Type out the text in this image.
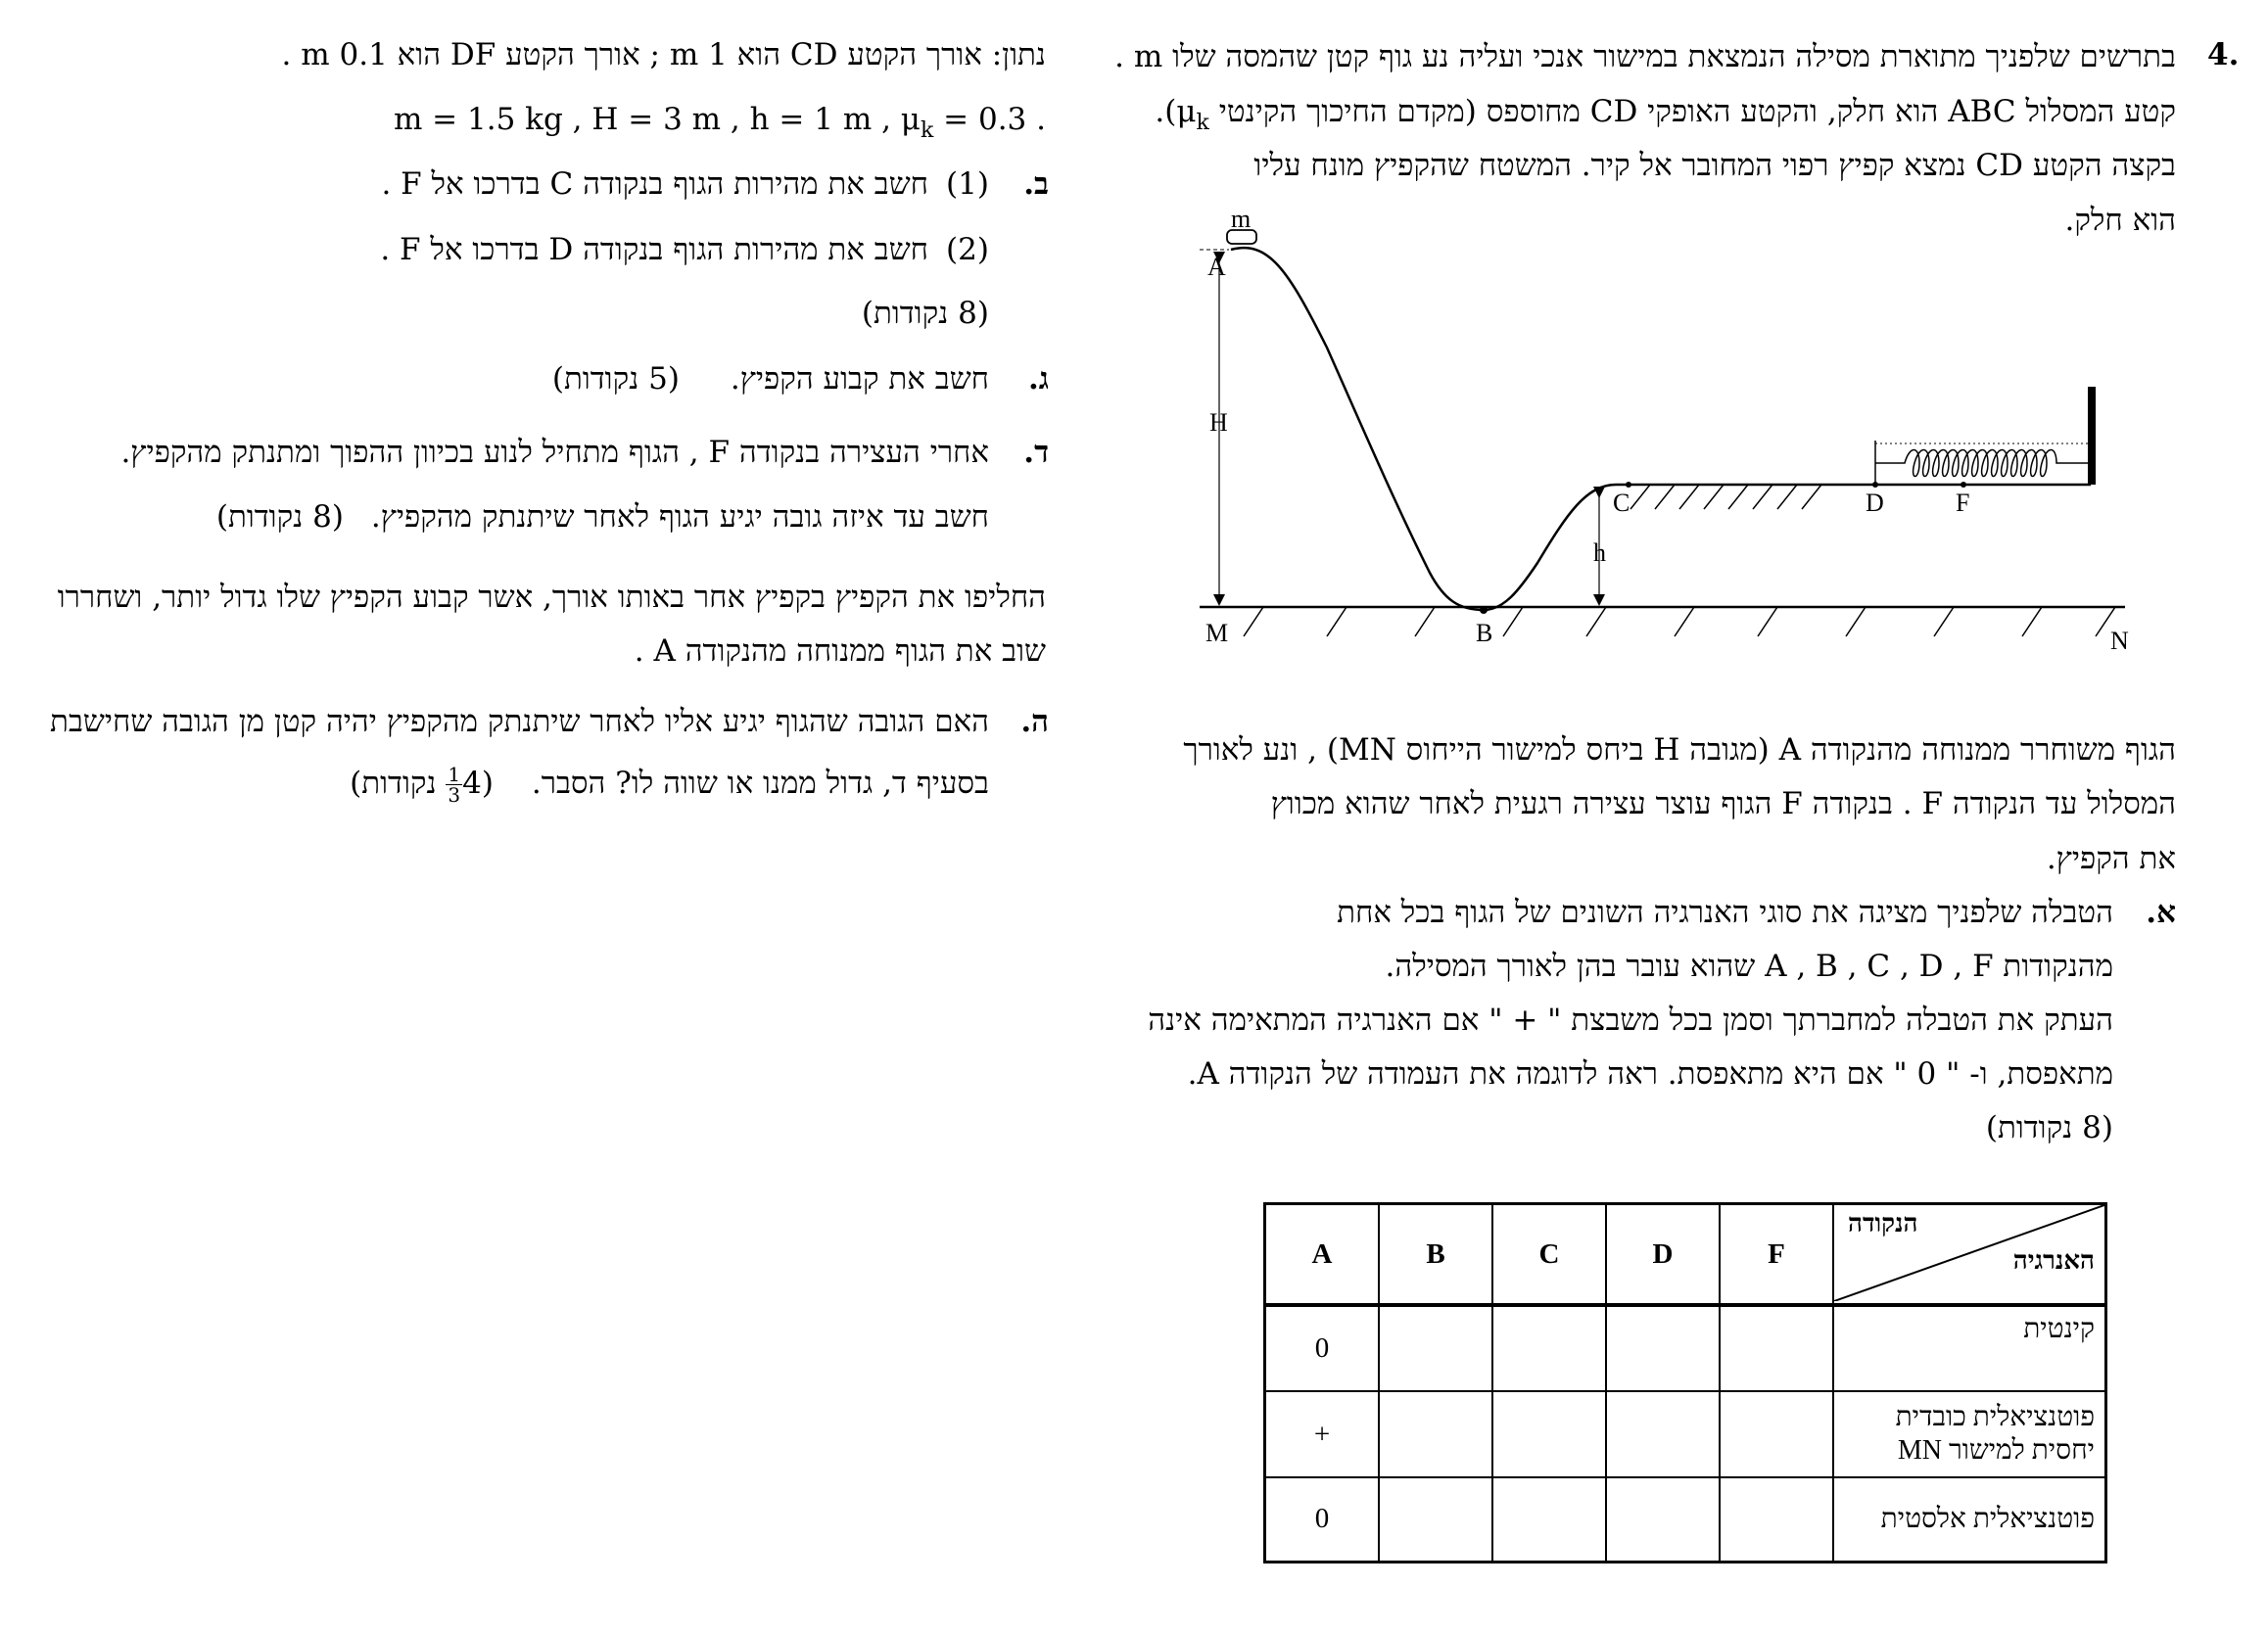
4.
בתרשים שלפניך מתוארת מסילה הנמצאת במישור אנכי ועליה נע גוף קטן שהמסה שלו m .
קטע המסלול ABC הוא חלק, והקטע האופקי CD מחוספס (מקדם החיכוך הקינטי $\mu_k$).
בקצה הקטע CD נמצא קפיץ רפוי המחובר אל קיר. המשטח שהקפיץ מונח עליו
הוא חלק.
m
A
H
B
C
h
D	F
M	N
הגוף משוחרר ממנוחה מהנקודה A (מגובה H ביחס למישור הייחוס MN) , ונע לאורך
המסלול עד הנקודה F . בנקודה F הגוף עוצר עצירה רגעית לאחר שהוא מכווץ
את הקפיץ.
א.
הטבלה שלפניך מציגה את סוגי האנרגיה השונים של הגוף בכל אחת
מהנקודות A , B , C , D , F שהוא עובר בהן לאורך המסילה.
העתק את הטבלה למחברתך וסמן בכל משבצת " + " אם האנרגיה המתאימה אינה
מתאפסת, ו- " 0 " אם היא מתאפסת. ראה לדוגמה את העמודה של הנקודה A.
(8 נקודות)
A	B	C	D	F	הנקודה
האנרגיה

0					קינטית
+					פוטנציאלית כובדית יחסית למישור MN
0					פוטנציאלית אלסטית
נתון: אורך הקטע CD הוא 1 m ; אורך הקטע DF הוא 0.1 m .
m = 1.5 kg , H = 3 m , h = 1 m , $\mu_k = 0.3$ .
ב.
(1)
חשב את מהירות הגוף בנקודה C בדרכו אל F .
(2)
חשב את מהירות הגוף בנקודה D בדרכו אל F .
(8 נקודות)
ג.
חשב את קבוע הקפיץ.
(5 נקודות)
ד.
אחרי העצירה בנקודה F , הגוף מתחיל לנוע בכיוון ההפוך ומתנתק מהקפיץ.
חשב עד איזה גובה יגיע הגוף לאחר שיתנתק מהקפיץ.
(8 נקודות)
החליפו את הקפיץ בקפיץ אחר באותו אורך, אשר קבוע הקפיץ שלו גדול יותר, ושחררו
שוב את הגוף ממנוחה מהנקודה A .
ה.
האם הגובה שהגוף יגיע אליו לאחר שיתנתק מהקפיץ יהיה קטן מן הגובה שחישבת
בסעיף ד, גדול ממנו או שווה לו? הסבר.
(4
$\frac{1}{3}$
נקודות)
